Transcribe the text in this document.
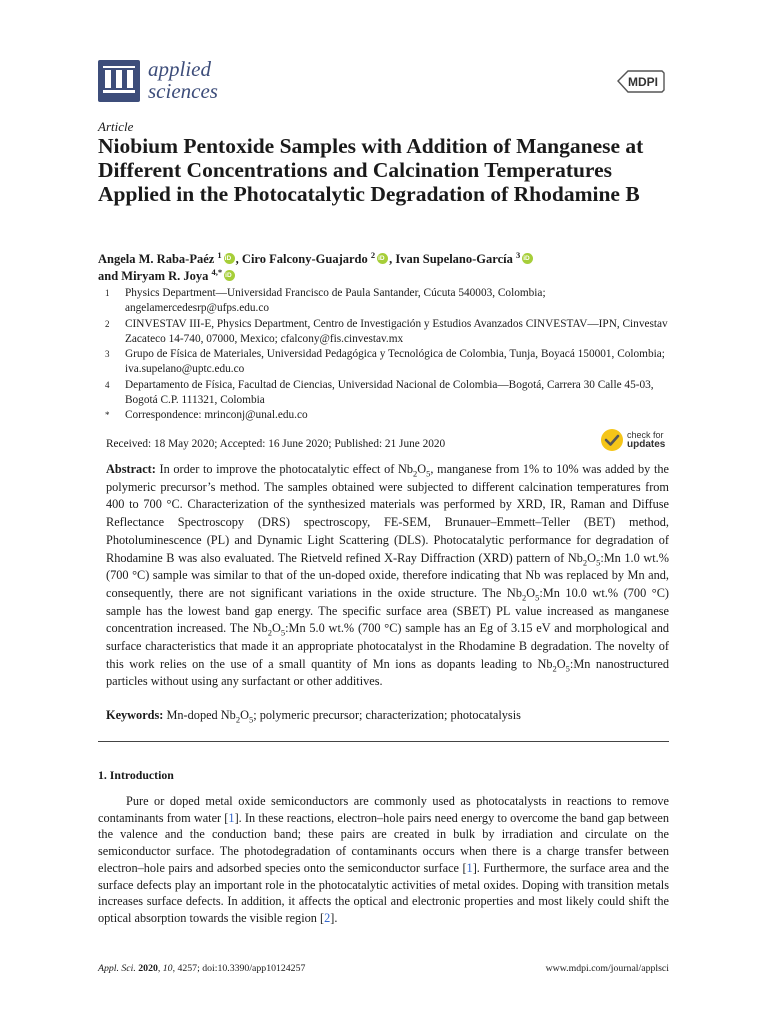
applied
sciences	MDPI
Article
Niobium Pentoxide Samples with Addition of Manganese at Different Concentrations and Calcination Temperatures Applied in the Photocatalytic Degradation of Rhodamine B
Angela M. Raba-Paéz $^1$ iD , Ciro Falcony-Guajardo $^2$ iD , Ivan Supelano-García $^3$iD
and Miryam R. Joya $^{4,*}$iD
1	Physics Department—Universidad Francisco de Paula Santander, Cúcuta 540003, Colombia; angelamercedesrp@ufps.edu.co
2	CINVESTAV III-E, Physics Department, Centro de Investigación y Estudios Avanzados CINVESTAV—IPN, Cinvestav Zacateco 14-740, 07000, Mexico; cfalcony@fis.cinvestav.mx
3	Grupo de Física de Materiales, Universidad Pedagógica y Tecnológica de Colombia, Tunja, Boyacá 150001, Colombia; iva.supelano@uptc.edu.co
4	Departamento de Física, Facultad de Ciencias, Universidad Nacional de Colombia—Bogotá, Carrera 30 Calle 45-03, Bogotá C.P. 111321, Colombia
*	Correspondence: mrinconj@unal.edu.co
Received: 18 May 2020; Accepted: 16 June 2020; Published: 21 June 2020
check for
updates
Abstract: In order to improve the photocatalytic effect of $Nb_2O_5$, manganese from 1% to 10% was added by the polymeric precursor’s method. The samples obtained were subjected to different calcination temperatures from 400 to 700 °C. Characterization of the synthesized materials was performed by XRD, IR, Raman and Diffuse Reflectance Spectroscopy (DRS) spectroscopy, FE-SEM, Brunauer–Emmett–Teller (BET) method, Photoluminescence (PL) and Dynamic Light Scattering (DLS). Photocatalytic performance for degradation of Rhodamine B was also evaluated. The Rietveld refined X-Ray Diffraction (XRD) pattern of $Nb_2O_5:Mn$ 1.0 wt.% (700 °C) sample was similar to that of the un-doped oxide, therefore indicating that Nb was replaced by Mn and, consequently, there are not significant variations in the oxide structure. The $Nb_2O_5:Mn$ 10.0 wt.% (700 °C) sample has the lowest band gap energy. The specific surface area (SBET) PL value increased as manganese concentration increased. The $Nb_2O_5:Mn$ 5.0 wt.% (700 °C) sample has an Eg of 3.15 eV and morphological and surface characteristics that made it an appropriate photocatalyst in the Rhodamine B degradation. The novelty of this work relies on the use of a small quantity of Mn ions as dopants leading to $Nb_2O_5:Mn$ nanostructured particles without using any surfactant or other additives.
Keywords: Mn-doped $Nb_2O_5$; polymeric precursor; characterization; photocatalysis
1. Introduction
Pure or doped metal oxide semiconductors are commonly used as photocatalysts in reactions to remove contaminants from water [1]. In these reactions, electron–hole pairs need energy to overcome the band gap between the valence and the conduction band; these pairs are created in bulk by irradiation and circulate on the semiconductor surface. The photodegradation of contaminants occurs when there is a charge transfer between electron–hole pairs and adsorbed species onto the semiconductor surface [1]. Furthermore, the surface area and the surface defects play an important role in the photocatalytic activities of metal oxides. Doping with transition metals increases surface defects. In addition, it affects the optical and electronic properties and most likely could shift the optical absorption towards the visible region [2].
Appl. Sci. 2020, 10, 4257; doi:10.3390/app10124257	www.mdpi.com/journal/applsci
